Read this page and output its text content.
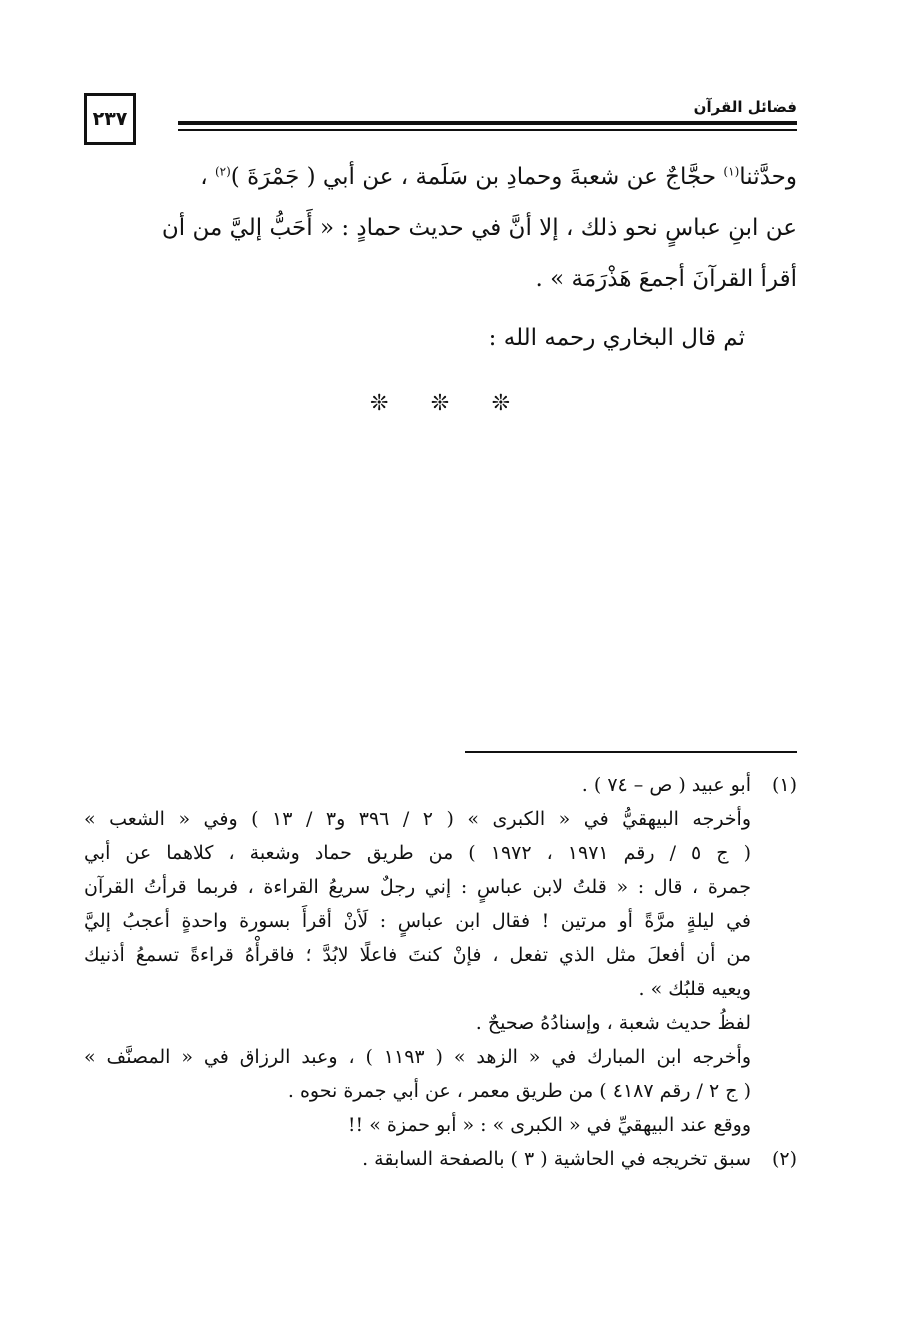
٢٣٧
فضائل القرآن

وحدَّثنا$^{(١)}$ حجَّاجٌ عن شعبةَ وحمادِ بن سَلَمة ، عن أبي ( جَمْرَةَ )$^{(٢)}$ ،

عن ابنِ عباسٍ نحو ذلك ، إلا أنَّ في حديث حمادٍ : « أَحَبُّ إليَّ من أن

أقرأ القرآنَ أجمعَ هَذْرَمَة » .

ثم قال البخاري رحمه الله :
❊ ❊ ❊
(١)
أبو عبيد ( ص – ٧٤ ) .
وأخرجه البيهقيُّ في « الكبرى » ( ٢ / ٣٩٦ و٣ / ١٣ ) وفي « الشعب »
( ج ٥ / رقم ١٩٧١ ، ١٩٧٢ ) من طريق حماد وشعبة ، كلاهما عن أبي
جمرة ، قال : « قلتُ لابن عباسٍ : إني رجلٌ سريعُ القراءة ، فربما قرأتُ القرآن
في ليلةٍ مرَّةً أو مرتين ! فقال ابن عباسٍ : لَأنْ أقرأَ بسورة واحدةٍ أعجبُ إليَّ
من أن أفعلَ مثل الذي تفعل ، فإنْ كنتَ فاعلًا لابُدَّ ؛ فاقرأْهُ قراءةً تسمعُ أذنيك
ويعيه قلبُك » .
لفظُ حديث شعبة ، وإسنادُهُ صحيحٌ .
وأخرجه ابن المبارك في « الزهد » ( ١١٩٣ ) ، وعبد الرزاق في « المصنَّف »
( ج ٢ / رقم ٤١٨٧ ) من طريق معمر ، عن أبي جمرة نحوه .
ووقع عند البيهقيِّ في « الكبرى » : « أبو حمزة » !!
(٢)
سبق تخريجه في الحاشية ( ٣ ) بالصفحة السابقة .
